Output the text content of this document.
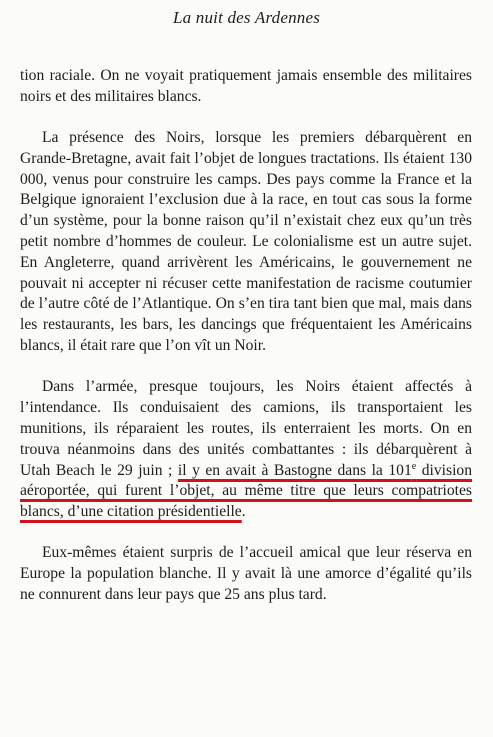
La nuit des Ardennes

tion raciale. On ne voyait pratiquement jamais ensemble des militaires noirs et des militaires blancs.

La présence des Noirs, lorsque les premiers débarquèrent en Grande-Bretagne, avait fait l’objet de longues tractations. Ils étaient 130 000, venus pour construire les camps. Des pays comme la France et la Belgique ignoraient l’exclusion due à la race, en tout cas sous la forme d’un système, pour la bonne raison qu’il n’existait chez eux qu’un très petit nombre d’hommes de couleur. Le colonialisme est un autre sujet. En Angleterre, quand arrivèrent les Américains, le gouvernement ne pouvait ni accepter ni récuser cette manifestation de racisme coutumier de l’autre côté de l’Atlantique. On s’en tira tant bien que mal, mais dans les restaurants, les bars, les dancings que fréquentaient les Américains blancs, il était rare que l’on vît un Noir.

Dans l’armée, presque toujours, les Noirs étaient affectés à l’intendance. Ils conduisaient des camions, ils transportaient les munitions, ils réparaient les routes, ils enterraient les morts. On en trouva néanmoins dans des unités combattantes : ils débarquèrent à Utah Beach le 29 juin ; il y en avait à Bastogne dans la 101e division aéroportée, qui furent l’objet, au même titre que leurs compatriotes blancs, d’une citation présidentielle.

Eux-mêmes étaient surpris de l’accueil amical que leur réserva en Europe la population blanche. Il y avait là une amorce d’égalité qu’ils ne connurent dans leur pays que 25 ans plus tard.
